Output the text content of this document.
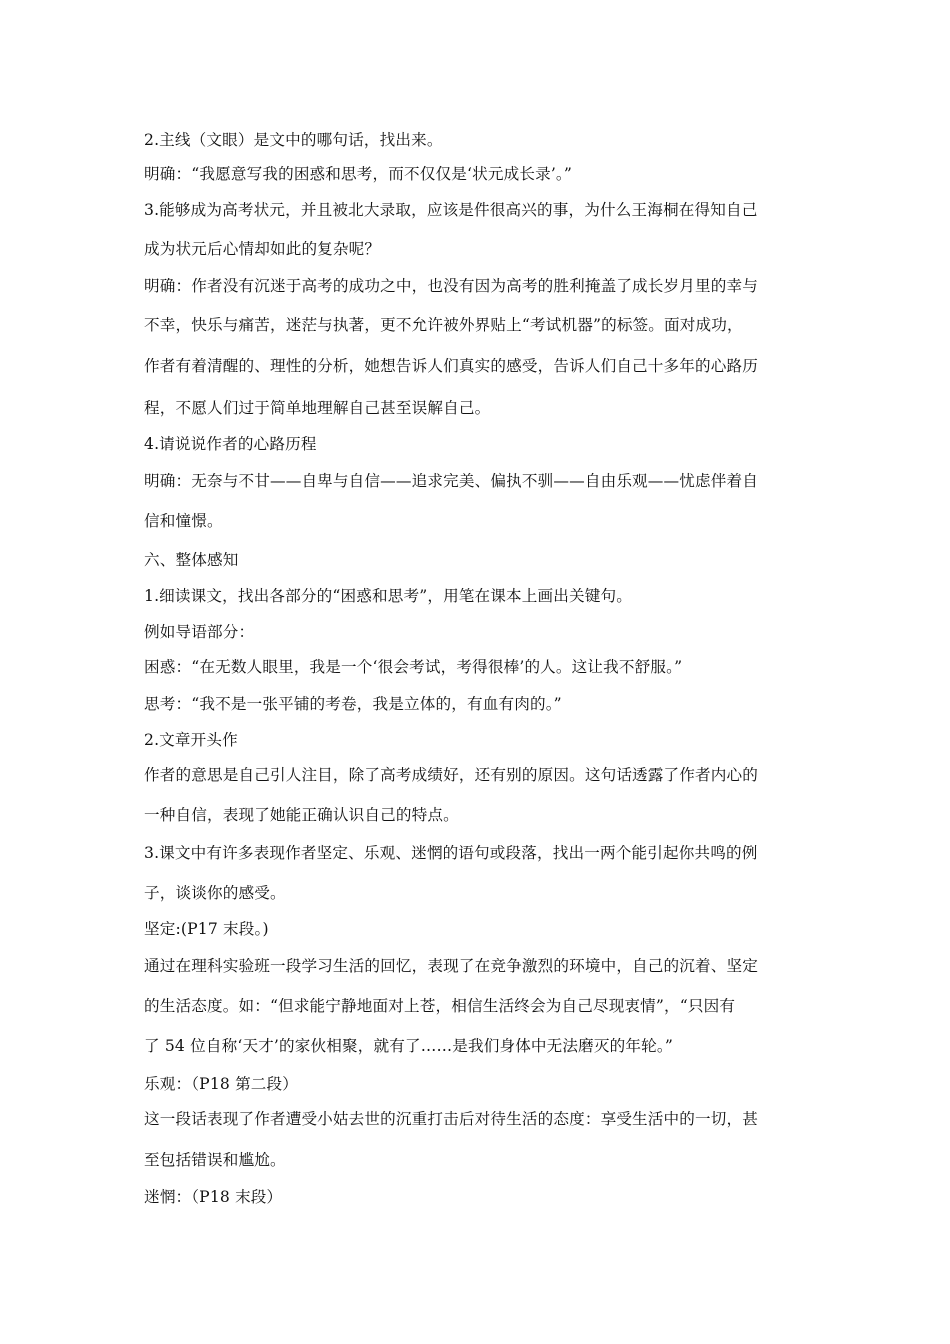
2.主线（文眼）是文中的哪句话，找出来。
明确：“我愿意写我的困惑和思考，而不仅仅是‘状元成长录’。”
3.能够成为高考状元，并且被北大录取，应该是件很高兴的事，为什么王海桐在得知自己
成为状元后心情却如此的复杂呢？
明确：作者没有沉迷于高考的成功之中，也没有因为高考的胜利掩盖了成长岁月里的幸与
不幸，快乐与痛苦，迷茫与执著，更不允许被外界贴上“考试机器”的标签。面对成功，
作者有着清醒的、理性的分析，她想告诉人们真实的感受，告诉人们自己十多年的心路历
程，不愿人们过于简单地理解自己甚至误解自己。
4.请说说作者的心路历程
明确：无奈与不甘——自卑与自信——追求完美、偏执不驯——自由乐观——忧虑伴着自
信和憧憬。
六、整体感知
1.细读课文，找出各部分的“困惑和思考”，用笔在课本上画出关键句。
例如导语部分：
困惑：“在无数人眼里，我是一个‘很会考试，考得很棒’的人。这让我不舒服。”
思考：“我不是一张平铺的考卷，我是立体的，有血有肉的。”
2.文章开头作
作者的意思是自己引人注目，除了高考成绩好，还有别的原因。这句话透露了作者内心的
一种自信，表现了她能正确认识自己的特点。
3.课文中有许多表现作者坚定、乐观、迷惘的语句或段落，找出一两个能引起你共鸣的例
子，谈谈你的感受。
坚定:(P17 末段。)
通过在理科实验班一段学习生活的回忆，表现了在竞争激烈的环境中，自己的沉着、坚定
的生活态度。如：“但求能宁静地面对上苍，相信生活终会为自己尽现衷情”，“只因有
了 54 位自称‘天才’的家伙相聚，就有了……是我们身体中无法磨灭的年轮。”
乐观：（P18 第二段）
这一段话表现了作者遭受小姑去世的沉重打击后对待生活的态度：享受生活中的一切，甚
至包括错误和尴尬。
迷惘：（P18 末段）
